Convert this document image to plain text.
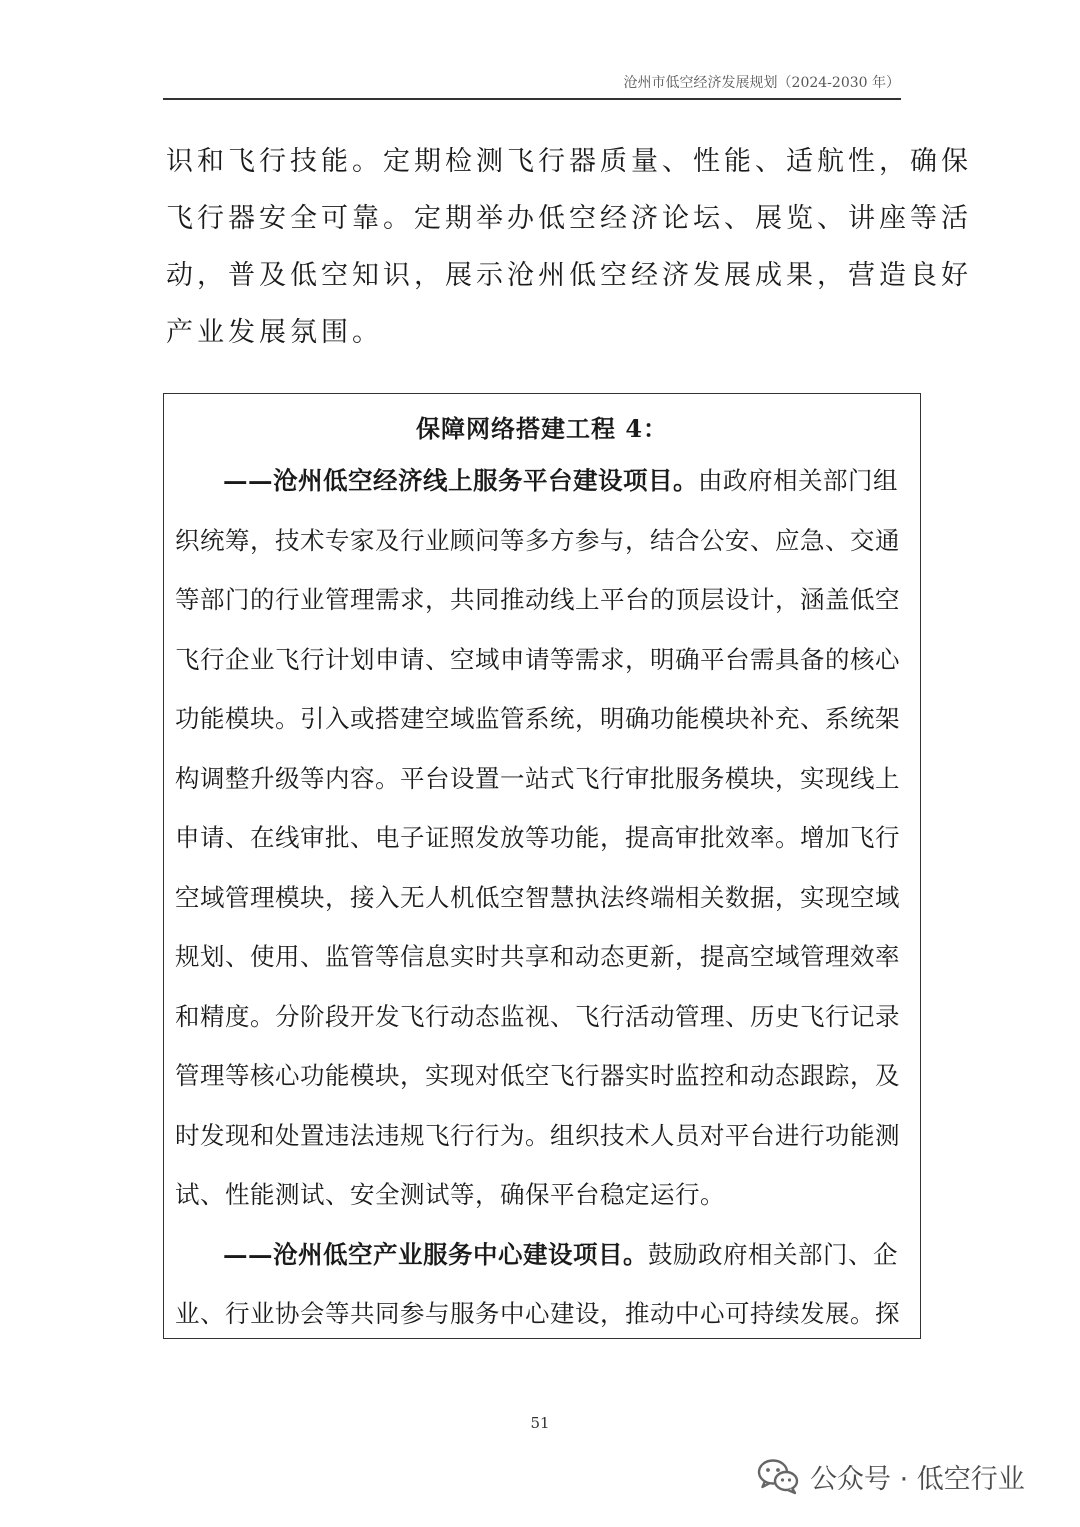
沧州市低空经济发展规划（2024-2030 年）
识和飞行技能。定期检测飞行器质量、性能、适航性，确保
飞行器安全可靠。定期举办低空经济论坛、展览、讲座等活
动，普及低空知识，展示沧州低空经济发展成果，营造良好
产业发展氛围。
保障网络搭建工程 4：
——沧州低空经济线上服务平台建设项目。由政府相关部门组
织统筹，技术专家及行业顾问等多方参与，结合公安、应急、交通
等部门的行业管理需求，共同推动线上平台的顶层设计，涵盖低空
飞行企业飞行计划申请、空域申请等需求，明确平台需具备的核心
功能模块。引入或搭建空域监管系统，明确功能模块补充、系统架
构调整升级等内容。平台设置一站式飞行审批服务模块，实现线上
申请、在线审批、电子证照发放等功能，提高审批效率。增加飞行
空域管理模块，接入无人机低空智慧执法终端相关数据，实现空域
规划、使用、监管等信息实时共享和动态更新，提高空域管理效率
和精度。分阶段开发飞行动态监视、飞行活动管理、历史飞行记录
管理等核心功能模块，实现对低空飞行器实时监控和动态跟踪，及
时发现和处置违法违规飞行行为。组织技术人员对平台进行功能测
试、性能测试、安全测试等，确保平台稳定运行。
——沧州低空产业服务中心建设项目。鼓励政府相关部门、企
业、行业协会等共同参与服务中心建设，推动中心可持续发展。探
51
公众号 · 低空行业
